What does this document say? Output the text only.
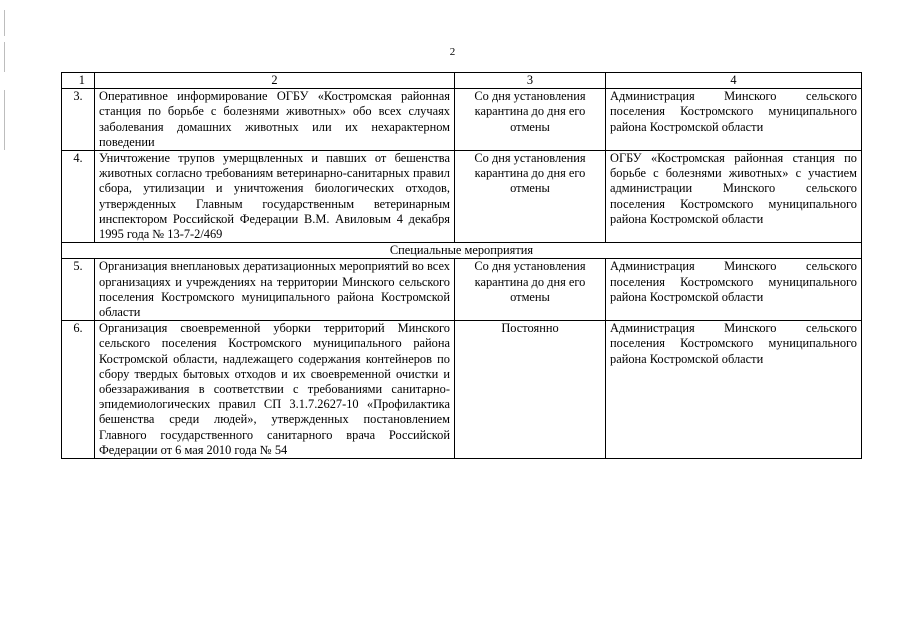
2
1	2	3	4
3.	Оперативное информирование ОГБУ «Костромская районная станция по борьбе с болезнями животных» обо всех случаях заболевания домашних животных или их нехарактерном поведении	Со дня установления карантина до дня его отмены	Администрация Минского сельского поселения Костромского муниципального района Костромской области
4.	Уничтожение трупов умерщвленных и павших от бешенства животных согласно требованиям ветеринарно-санитарных правил сбора, утилизации и уничтожения биологических отходов, утвержденных Главным государственным ветеринарным инспектором Российской Федерации В.М. Авиловым 4 декабря 1995 года № 13-7-2/469	Со дня установления карантина до дня его отмены	ОГБУ «Костромская районная станция по борьбе с болезнями животных» с участием администрации Минского сельского поселения Костромского муниципального района Костромской области
Специальные мероприятия			
5.	Организация внеплановых дератизационных мероприятий во всех организациях и учреждениях на территории Минского сельского поселения Костромского муниципального района Костромской области	Со дня установления карантина до дня его отмены	Администрация Минского сельского поселения Костромского муниципального района Костромской области
6.	Организация своевременной уборки территорий Минского сельского поселения Костромского муниципального района Костромской области, надлежащего содержания контейнеров по сбору твердых бытовых отходов и их своевременной очистки и обеззараживания в соответствии с требованиями санитарно-эпидемиологических правил СП 3.1.7.2627-10 «Профилактика бешенства среди людей», утвержденных постановлением Главного государственного санитарного врача Российской Федерации от 6 мая 2010 года № 54	Постоянно	Администрация Минского сельского поселения Костромского муниципального района Костромской области
